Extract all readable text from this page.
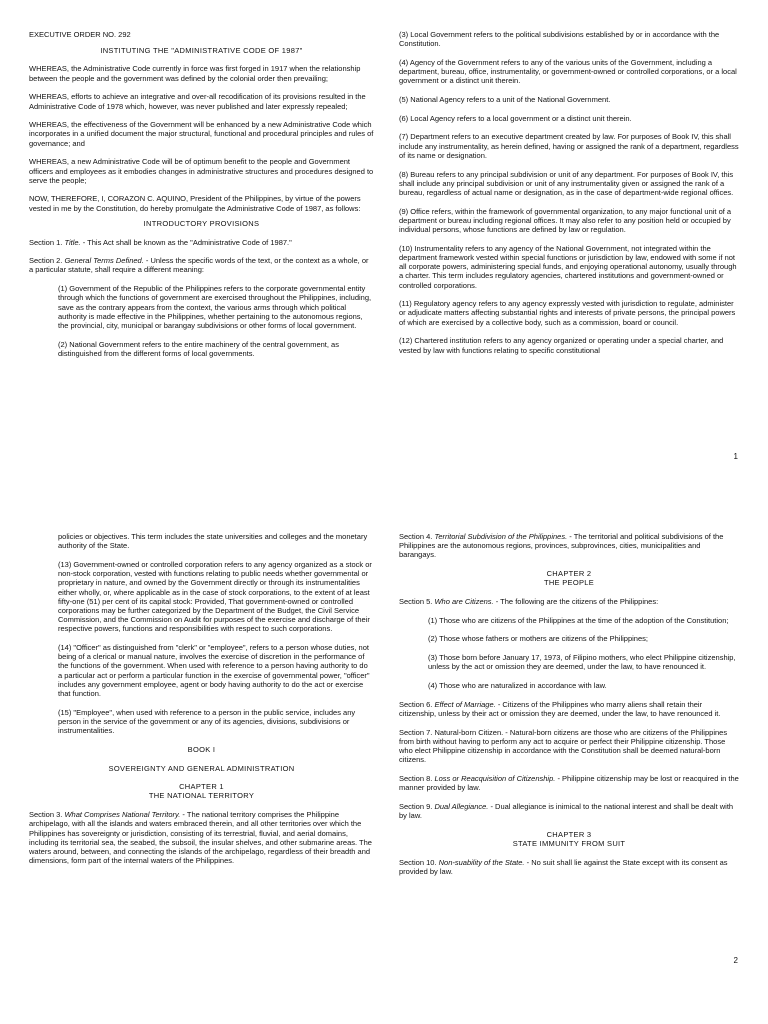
EXECUTIVE ORDER NO. 292

INSTITUTING THE "ADMINISTRATIVE CODE OF 1987"

WHEREAS, the Administrative Code currently in force was first forged in 1917 when the relationship between the people and the government was defined by the colonial order then prevailing;

WHEREAS, efforts to achieve an integrative and over-all recodification of its provisions resulted in the Administrative Code of 1978 which, however, was never published and later expressly repealed;

WHEREAS, the effectiveness of the Government will be enhanced by a new Administrative Code which incorporates in a unified document the major structural, functional and procedural principles and rules of governance; and

WHEREAS, a new Administrative Code will be of optimum benefit to the people and Government officers and employees as it embodies changes in administrative structures and procedures designed to serve the people;

NOW, THEREFORE, I, CORAZON C. AQUINO, President of the Philippines, by virtue of the powers vested in me by the Constitution, do hereby promulgate the Administrative Code of 1987, as follows:

INTRODUCTORY PROVISIONS

Section 1. Title. - This Act shall be known as the "Administrative Code of 1987."

Section 2. General Terms Defined. - Unless the specific words of the text, or the context as a whole, or a particular statute, shall require a different meaning:

(1) Government of the Republic of the Philippines refers to the corporate governmental entity through which the functions of government are exercised throughout the Philippines, including, save as the contrary appears from the context, the various arms through which political authority is made effective in the Philippines, whether pertaining to the autonomous regions, the provincial, city, municipal or barangay subdivisions or other forms of local government.

(2) National Government refers to the entire machinery of the central government, as distinguished from the different forms of local governments.

(3) Local Government refers to the political subdivisions established by or in accordance with the Constitution.

(4) Agency of the Government refers to any of the various units of the Government, including a department, bureau, office, instrumentality, or government-owned or controlled corporations, or a local government or a distinct unit therein.

(5) National Agency refers to a unit of the National Government.

(6) Local Agency refers to a local government or a distinct unit therein.

(7) Department refers to an executive department created by law. For purposes of Book IV, this shall include any instrumentality, as herein defined, having or assigned the rank of a department, regardless of its name or designation.

(8) Bureau refers to any principal subdivision or unit of any department. For purposes of Book IV, this shall include any principal subdivision or unit of any instrumentality given or assigned the rank of a bureau, regardless of actual name or designation, as in the case of department-wide regional offices.

(9) Office refers, within the framework of governmental organization, to any major functional unit of a department or bureau including regional offices. It may also refer to any position held or occupied by individual persons, whose functions are defined by law or regulation.

(10) Instrumentality refers to any agency of the National Government, not integrated within the department framework vested within special functions or jurisdiction by law, endowed with some if not all corporate powers, administering special funds, and enjoying operational autonomy, usually through a charter. This term includes regulatory agencies, chartered institutions and government-owned or controlled corporations.

(11) Regulatory agency refers to any agency expressly vested with jurisdiction to regulate, administer or adjudicate matters affecting substantial rights and interests of private persons, the principal powers of which are exercised by a collective body, such as a commission, board or council.

(12) Chartered institution refers to any agency organized or operating under a special charter, and vested by law with functions relating to specific constitutional

1

policies or objectives. This term includes the state universities and colleges and the monetary authority of the State.

(13) Government-owned or controlled corporation refers to any agency organized as a stock or non-stock corporation, vested with functions relating to public needs whether governmental or proprietary in nature, and owned by the Government directly or through its instrumentalities either wholly, or, where applicable as in the case of stock corporations, to the extent of at least fifty-one (51) per cent of its capital stock: Provided, That government-owned or controlled corporations may be further categorized by the Department of the Budget, the Civil Service Commission, and the Commission on Audit for purposes of the exercise and discharge of their respective powers, functions and responsibilities with respect to such corporations.

(14) "Officer" as distinguished from "clerk" or "employee", refers to a person whose duties, not being of a clerical or manual nature, involves the exercise of discretion in the performance of the functions of the government. When used with reference to a person having authority to do a particular act or perform a particular function in the exercise of governmental power, "officer" includes any government employee, agent or body having authority to do the act or exercise that function.

(15) "Employee", when used with reference to a person in the public service, includes any person in the service of the government or any of its agencies, divisions, subdivisions or instrumentalities.

BOOK I

SOVEREIGNTY AND GENERAL ADMINISTRATION

CHAPTER 1

THE NATIONAL TERRITORY

Section 3. What Comprises National Territory. - The national territory comprises the Philippine archipelago, with all the islands and waters embraced therein, and all other territories over which the Philippines has sovereignty or jurisdiction, consisting of its terrestrial, fluvial, and aerial domains, including its territorial sea, the seabed, the subsoil, the insular shelves, and other submarine areas. The waters around, between, and connecting the islands of the archipelago, regardless of their breadth and dimensions, form part of the internal waters of the Philippines.

Section 4. Territorial Subdivision of the Philippines. - The territorial and political subdivisions of the Philippines are the autonomous regions, provinces, subprovinces, cities, municipalities and barangays.

CHAPTER 2

THE PEOPLE

Section 5. Who are Citizens. - The following are the citizens of the Philippines:

(1) Those who are citizens of the Philippines at the time of the adoption of the Constitution;

(2) Those whose fathers or mothers are citizens of the Philippines;

(3) Those born before January 17, 1973, of Filipino mothers, who elect Philippine citizenship, unless by the act or omission they are deemed, under the law, to have renounced it.

(4) Those who are naturalized in accordance with law.

Section 6. Effect of Marriage. - Citizens of the Philippines who marry aliens shall retain their citizenship, unless by their act or omission they are deemed, under the law, to have renounced it.

Section 7. Natural-born Citizen. - Natural-born citizens are those who are citizens of the Philippines from birth without having to perform any act to acquire or perfect their Philippine citizenship. Those who elect Philippine citizenship in accordance with the Constitution shall be deemed natural-born citizens.

Section 8. Loss or Reacquisition of Citizenship. - Philippine citizenship may be lost or reacquired in the manner provided by law.

Section 9. Dual Allegiance. - Dual allegiance is inimical to the national interest and shall be dealt with by law.

CHAPTER 3

STATE IMMUNITY FROM SUIT

Section 10. Non-suability of the State. - No suit shall lie against the State except with its consent as provided by law.

2
